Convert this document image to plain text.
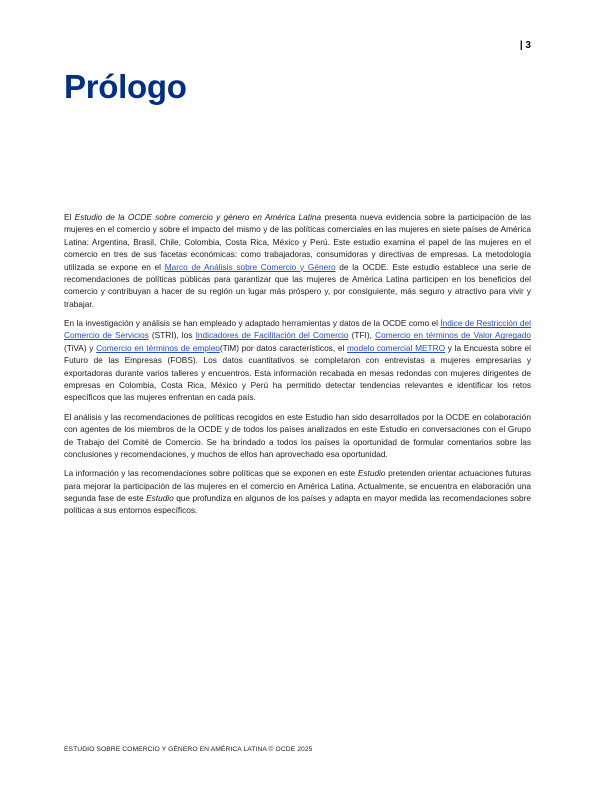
| 3
Prólogo

El Estudio de la OCDE sobre comercio y género en América Latina presenta nueva evidencia sobre la participación de las mujeres en el comercio y sobre el impacto del mismo y de las políticas comerciales en las mujeres en siete países de América Latina: Argentina, Brasil, Chile, Colombia, Costa Rica, México y Perú. Este estudio examina el papel de las mujeres en el comercio en tres de sus facetas económicas: como trabajadoras, consumidoras y directivas de empresas. La metodología utilizada se expone en el Marco de Análisis sobre Comercio y Género de la OCDE. Este estudio establece una serie de recomendaciones de políticas públicas para garantizar que las mujeres de América Latina participen en los beneficios del comercio y contribuyan a hacer de su región un lugar más próspero y, por consiguiente, más seguro y atractivo para vivir y trabajar.

En la investigación y análisis se han empleado y adaptado herramientas y datos de la OCDE como el Índice de Restricción del Comercio de Servicios (STRI), los Indicadores de Facilitación del Comercio (TFI), Comercio en términos de Valor Agregado (TiVA) y Comercio en términos de empleo(TiM) por datos característicos, el modelo comercial METRO y la Encuesta sobre el Futuro de las Empresas (FOBS). Los datos cuantitativos se completaron con entrevistas a mujeres empresarias y exportadoras durante varios talleres y encuentros. Esta información recabada en mesas redondas con mujeres dirigentes de empresas en Colombia, Costa Rica, México y Perú ha permitido detectar tendencias relevantes e identificar los retos específicos que las mujeres enfrentan en cada país.

El análisis y las recomendaciones de políticas recogidos en este Estudio han sido desarrollados por la OCDE en colaboración con agentes de los miembros de la OCDE y de todos los países analizados en este Estudio en conversaciones con el Grupo de Trabajo del Comité de Comercio. Se ha brindado a todos los países la oportunidad de formular comentarios sobre las conclusiones y recomendaciones, y muchos de ellos han aprovechado esa oportunidad.

La información y las recomendaciones sobre políticas que se exponen en este Estudio pretenden orientar actuaciones futuras para mejorar la participación de las mujeres en el comercio en América Latina. Actualmente, se encuentra en elaboración una segunda fase de este Estudio que profundiza en algunos de los países y adapta en mayor medida las recomendaciones sobre políticas a sus entornos específicos.

ESTUDIO SOBRE COMERCIO Y GÉNERO EN AMÉRICA LATINA © OCDE 2025
